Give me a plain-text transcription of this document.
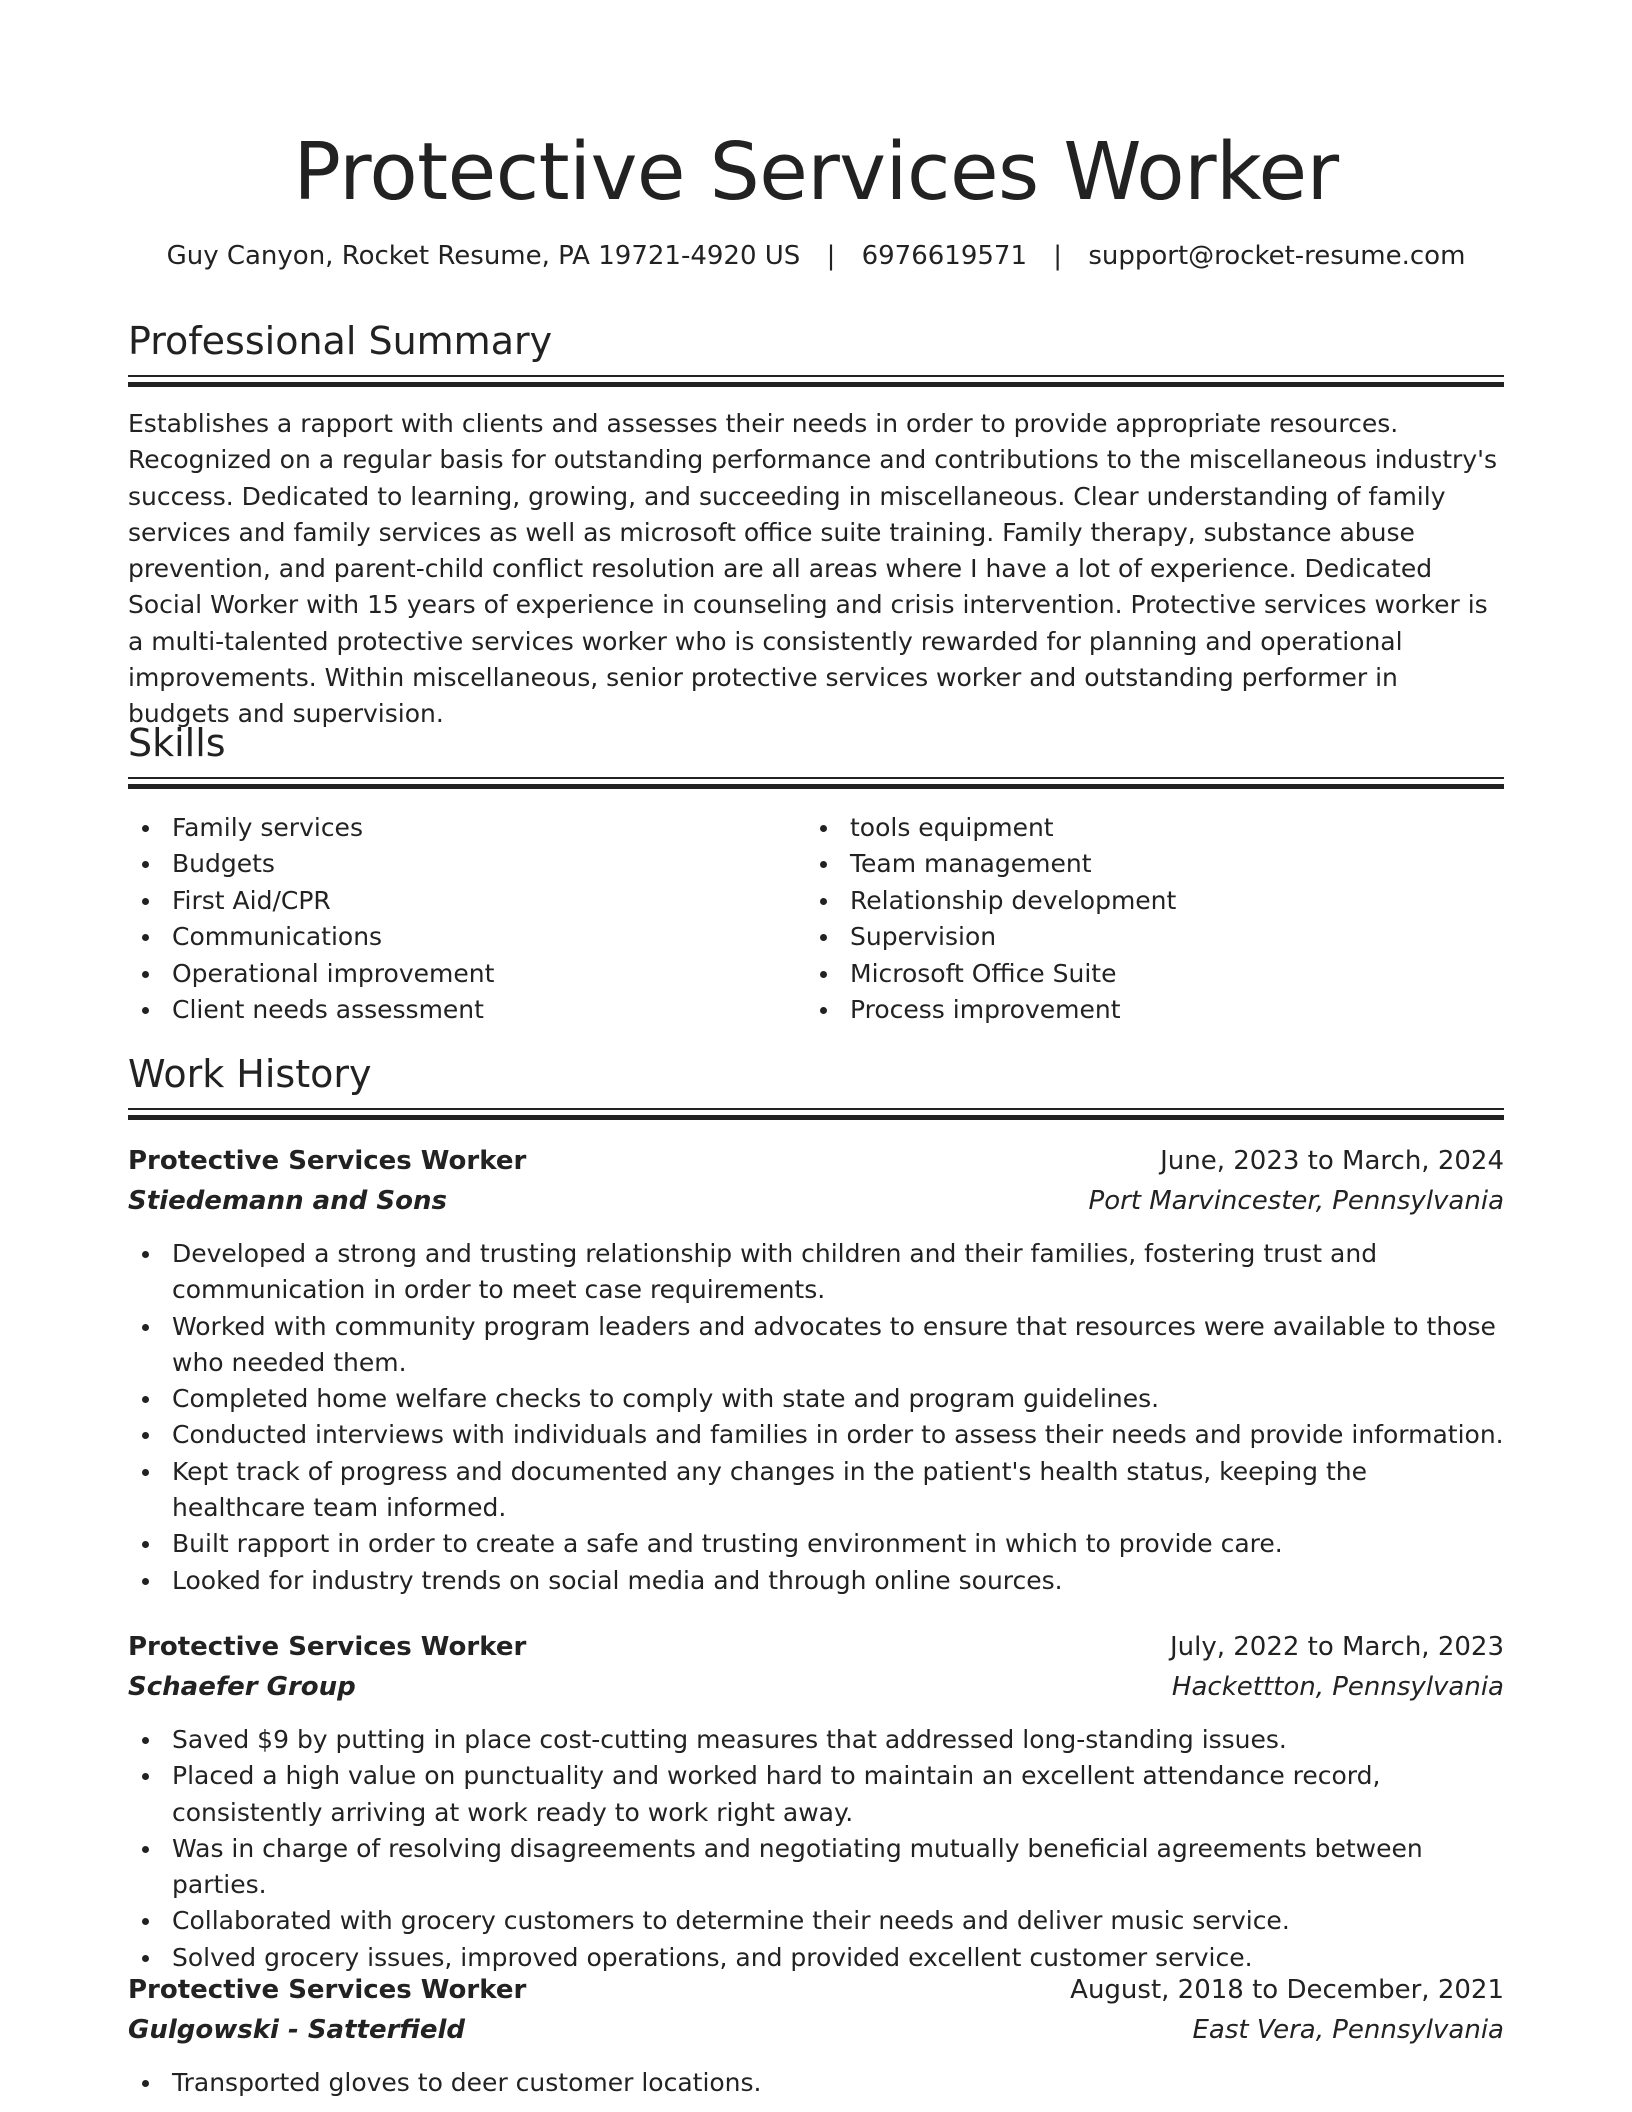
Protective Services Worker
Guy Canyon, Rocket Resume, PA 19721-4920 US | 6976619571 | support@rocket-resume.com
Professional Summary

Establishes a rapport with clients and assesses their needs in order to provide appropriate resources. Recognized on a regular basis for outstanding performance and contributions to the miscellaneous industry's success. Dedicated to learning, growing, and succeeding in miscellaneous. Clear understanding of family services and family services as well as microsoft office suite training. Family therapy, substance abuse prevention, and parent-child conflict resolution are all areas where I have a lot of experience. Dedicated Social Worker with 15 years of experience in counseling and crisis intervention. Protective services worker is a multi-talented protective services worker who is consistently rewarded for planning and operational improvements. Within miscellaneous, senior protective services worker and outstanding performer in budgets and supervision.

Skills
Family services
Budgets
First Aid/CPR
Communications
Operational improvement
Client needs assessment
tools equipment
Team management
Relationship development
Supervision
Microsoft Office Suite
Process improvement
Work History
Protective Services Worker	June, 2023 to March, 2024
Stiedemann and Sons	Port Marvincester, Pennsylvania
Developed a strong and trusting relationship with children and their families, fostering trust and communication in order to meet case requirements.
Worked with community program leaders and advocates to ensure that resources were available to those who needed them.
Completed home welfare checks to comply with state and program guidelines.
Conducted interviews with individuals and families in order to assess their needs and provide information.
Kept track of progress and documented any changes in the patient's health status, keeping the healthcare team informed.
Built rapport in order to create a safe and trusting environment in which to provide care.
Looked for industry trends on social media and through online sources.
Protective Services Worker	July, 2022 to March, 2023
Schaefer Group	Hackettton, Pennsylvania
Saved $9 by putting in place cost-cutting measures that addressed long-standing issues.
Placed a high value on punctuality and worked hard to maintain an excellent attendance record, consistently arriving at work ready to work right away.
Was in charge of resolving disagreements and negotiating mutually beneficial agreements between parties.
Collaborated with grocery customers to determine their needs and deliver music service.
Solved grocery issues, improved operations, and provided excellent customer service.
Protective Services Worker	August, 2018 to December, 2021
Gulgowski - Satterfield	East Vera, Pennsylvania
Transported gloves to deer customer locations.
